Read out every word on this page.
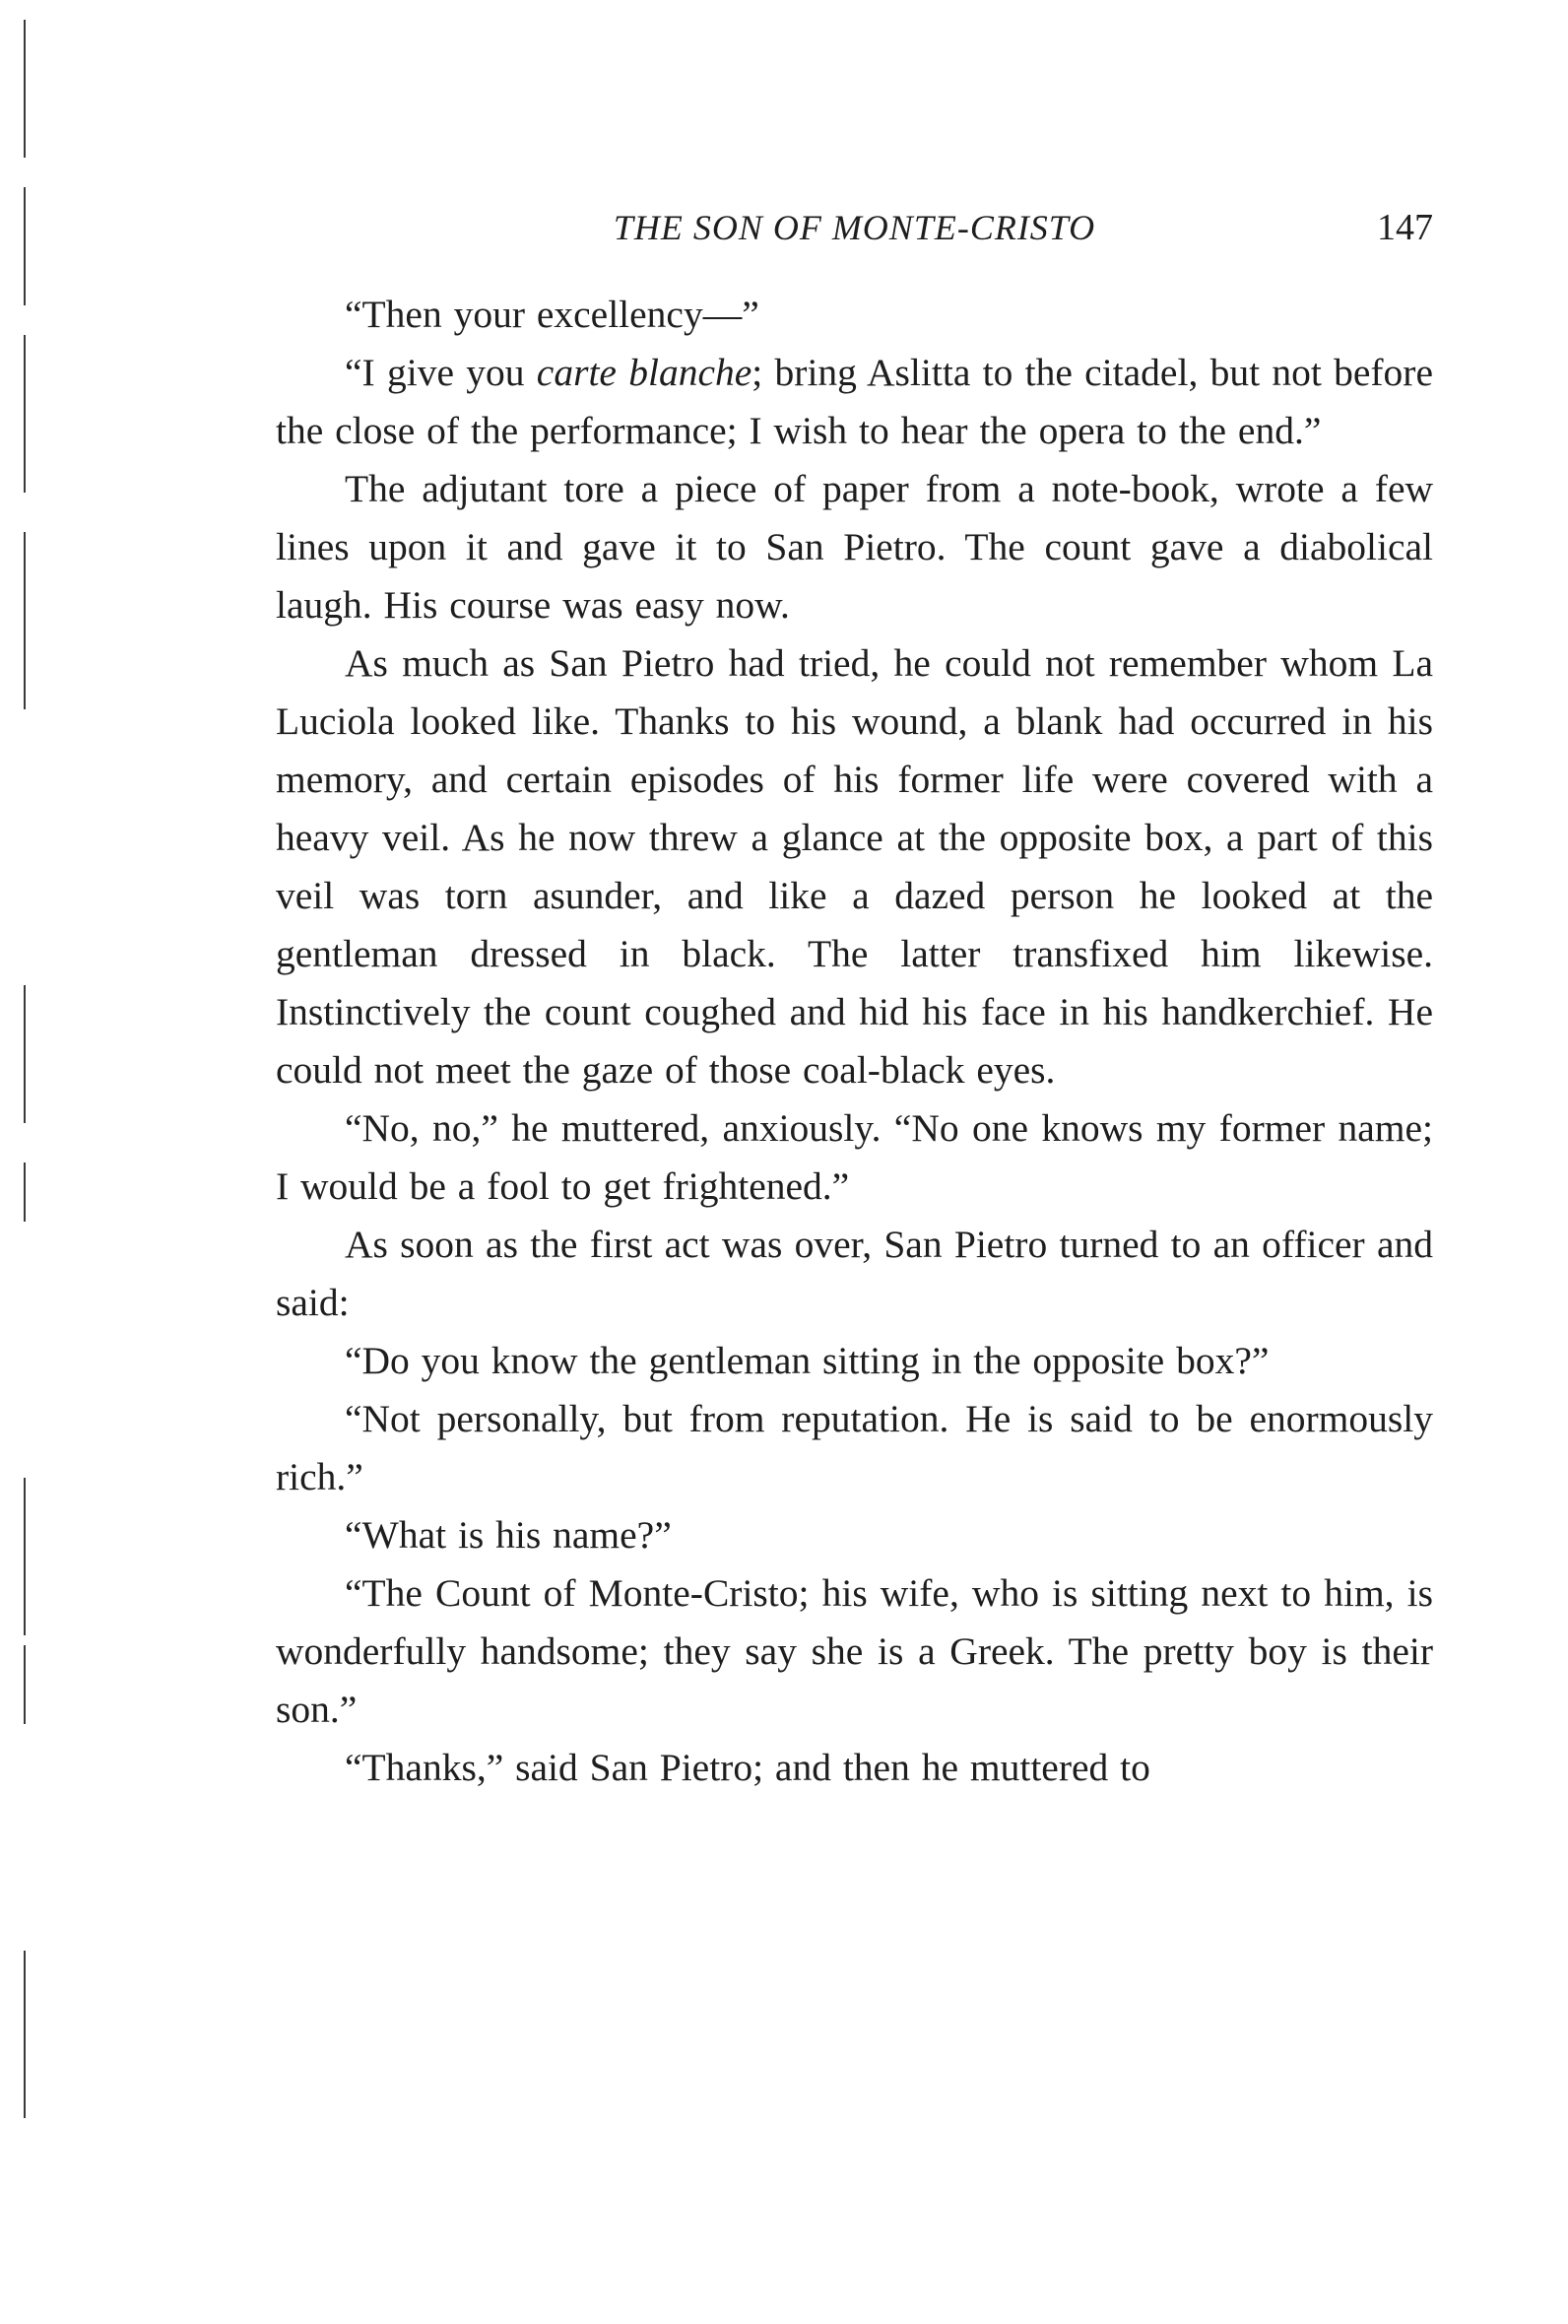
THE SON OF MONTE-CRISTO	147

“Then your excellency—”

“I give you carte blanche; bring Aslitta to the citadel, but not before the close of the performance; I wish to hear the opera to the end.”

The adjutant tore a piece of paper from a note-book, wrote a few lines upon it and gave it to San Pietro. The count gave a diabolical laugh. His course was easy now.

As much as San Pietro had tried, he could not remember whom La Luciola looked like. Thanks to his wound, a blank had occurred in his memory, and certain episodes of his former life were covered with a heavy veil. As he now threw a glance at the opposite box, a part of this veil was torn asunder, and like a dazed person he looked at the gentleman dressed in black. The latter transfixed him likewise. Instinctively the count coughed and hid his face in his handkerchief. He could not meet the gaze of those coal-black eyes.

“No, no,” he muttered, anxiously. “No one knows my former name; I would be a fool to get frightened.”

As soon as the first act was over, San Pietro turned to an officer and said:

“Do you know the gentleman sitting in the opposite box?”

“Not personally, but from reputation. He is said to be enormously rich.”

“What is his name?”

“The Count of Monte-Cristo; his wife, who is sitting next to him, is wonderfully handsome; they say she is a Greek. The pretty boy is their son.”

“Thanks,” said San Pietro; and then he muttered to
